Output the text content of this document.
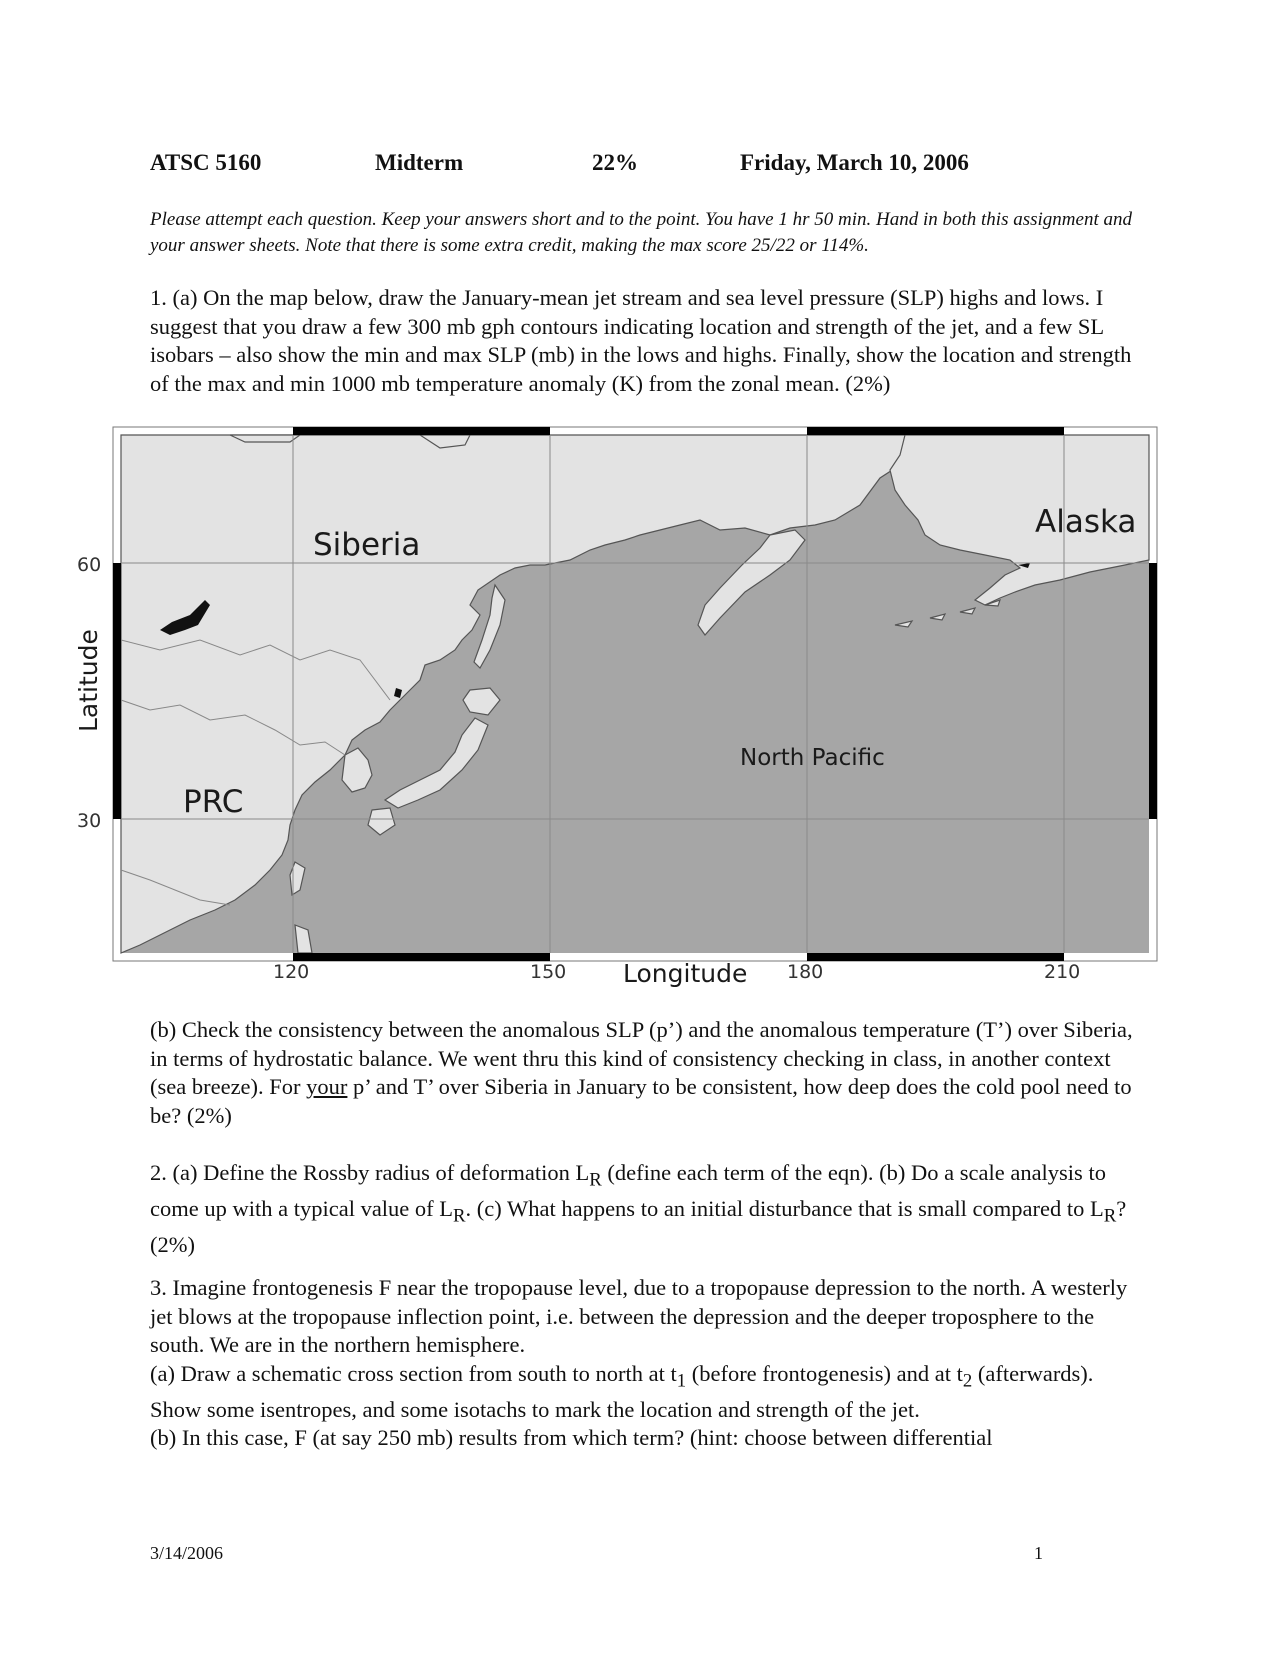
ATSC 5160	Midterm	22%	Friday, March 10, 2006
Please attempt each question. Keep your answers short and to the point. You have 1 hr 50 min. Hand in both this assignment and your answer sheets. Note that there is some extra credit, making the max score 25/22 or 114%.
1. (a) On the map below, draw the January-mean jet stream and sea level pressure (SLP) highs and lows. I suggest that you draw a few 300 mb gph contours indicating location and strength of the jet, and a few SL isobars – also show the min and max SLP (mb) in the lows and highs. Finally, show the location and strength of the max and min 1000 mb temperature anomaly (K) from the zonal mean. (2%)
Siberia
Alaska
PRC
North Pacific
60
30
Latitude
120	150	180	210
Longitude
(b) Check the consistency between the anomalous SLP (p’) and the anomalous temperature (T’) over Siberia, in terms of hydrostatic balance. We went thru this kind of consistency checking in class, in another context (sea breeze). For your p’ and T’ over Siberia in January to be consistent, how deep does the cold pool need to be? (2%)
2. (a) Define the Rossby radius of deformation $L_R$ (define each term of the eqn). (b) Do a scale analysis to come up with a typical value of $L_R$. (c) What happens to an initial disturbance that is small compared to $L_R$? (2%)

3. Imagine frontogenesis F near the tropopause level, due to a tropopause depression to the north. A westerly jet blows at the tropopause inflection point, i.e. between the depression and the deeper troposphere to the south. We are in the northern hemisphere.

(a) Draw a schematic cross section from south to north at $t_1$ (before frontogenesis) and at $t_2$ (afterwards). Show some isentropes, and some isotachs to mark the location and strength of the jet.

(b) In this case, F (at say 250 mb) results from which term? (hint: choose between differential

3/14/2006	1
